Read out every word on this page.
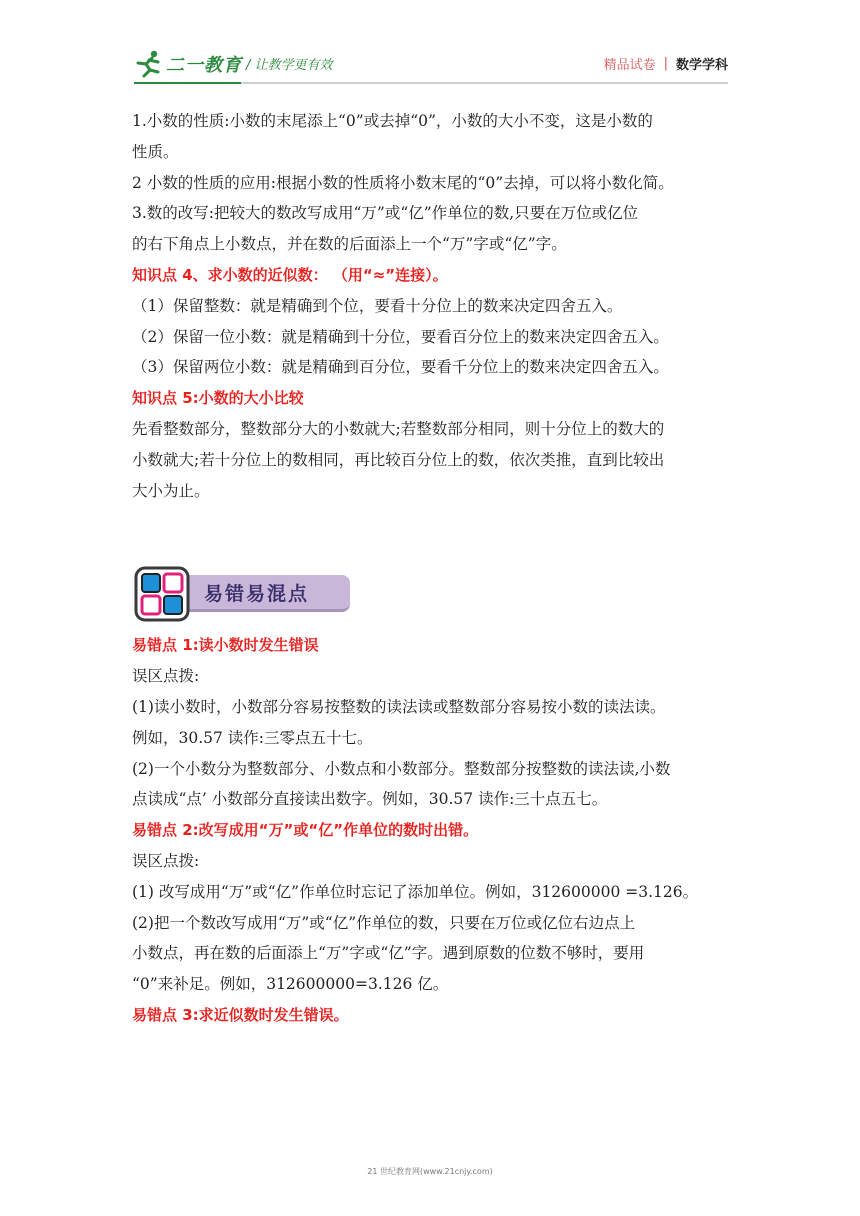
二一教育 / 让教学更有效	精品试卷 | 数学学科
1.小数的性质:小数的末尾添上“0”或去掉“0”，小数的大小不变，这是小数的
性质。
2 小数的性质的应用:根据小数的性质将小数末尾的“0”去掉，可以将小数化简。
3.数的改写:把较大的数改写成用“万”或“亿”作单位的数,只要在万位或亿位
的右下角点上小数点，并在数的后面添上一个“万”字或“亿”字。
知识点 4、求小数的近似数： （用“≈”连接）。
（1）保留整数：就是精确到个位，要看十分位上的数来决定四舍五入。
（2）保留一位小数：就是精确到十分位，要看百分位上的数来决定四舍五入。
（3）保留两位小数：就是精确到百分位，要看千分位上的数来决定四舍五入。
知识点 5:小数的大小比较
先看整数部分，整数部分大的小数就大;若整数部分相同，则十分位上的数大的
小数就大;若十分位上的数相同，再比较百分位上的数，依次类推，直到比较出
大小为止。
易错易混点
易错点 1:读小数时发生错误
误区点拨:
(1)读小数时，小数部分容易按整数的读法读或整数部分容易按小数的读法读。
例如，30.57 读作:三零点五十七。
(2)一个小数分为整数部分、小数点和小数部分。整数部分按整数的读法读,小数
点读成“点’ 小数部分直接读出数字。例如，30.57 读作:三十点五七。
易错点 2:改写成用“万”或“亿”作单位的数时出错。
误区点拨:
(1) 改写成用“万”或“亿”作单位时忘记了添加单位。例如，312600000 =3.126。
(2)把一个数改写成用“万”或“亿”作单位的数，只要在万位或亿位右边点上
小数点，再在数的后面添上“万”字或“亿”字。遇到原数的位数不够时，要用
“0”来补足。例如，312600000=3.126 亿。
易错点 3:求近似数时发生错误。
21 世纪教育网(www.21cnjy.com)
